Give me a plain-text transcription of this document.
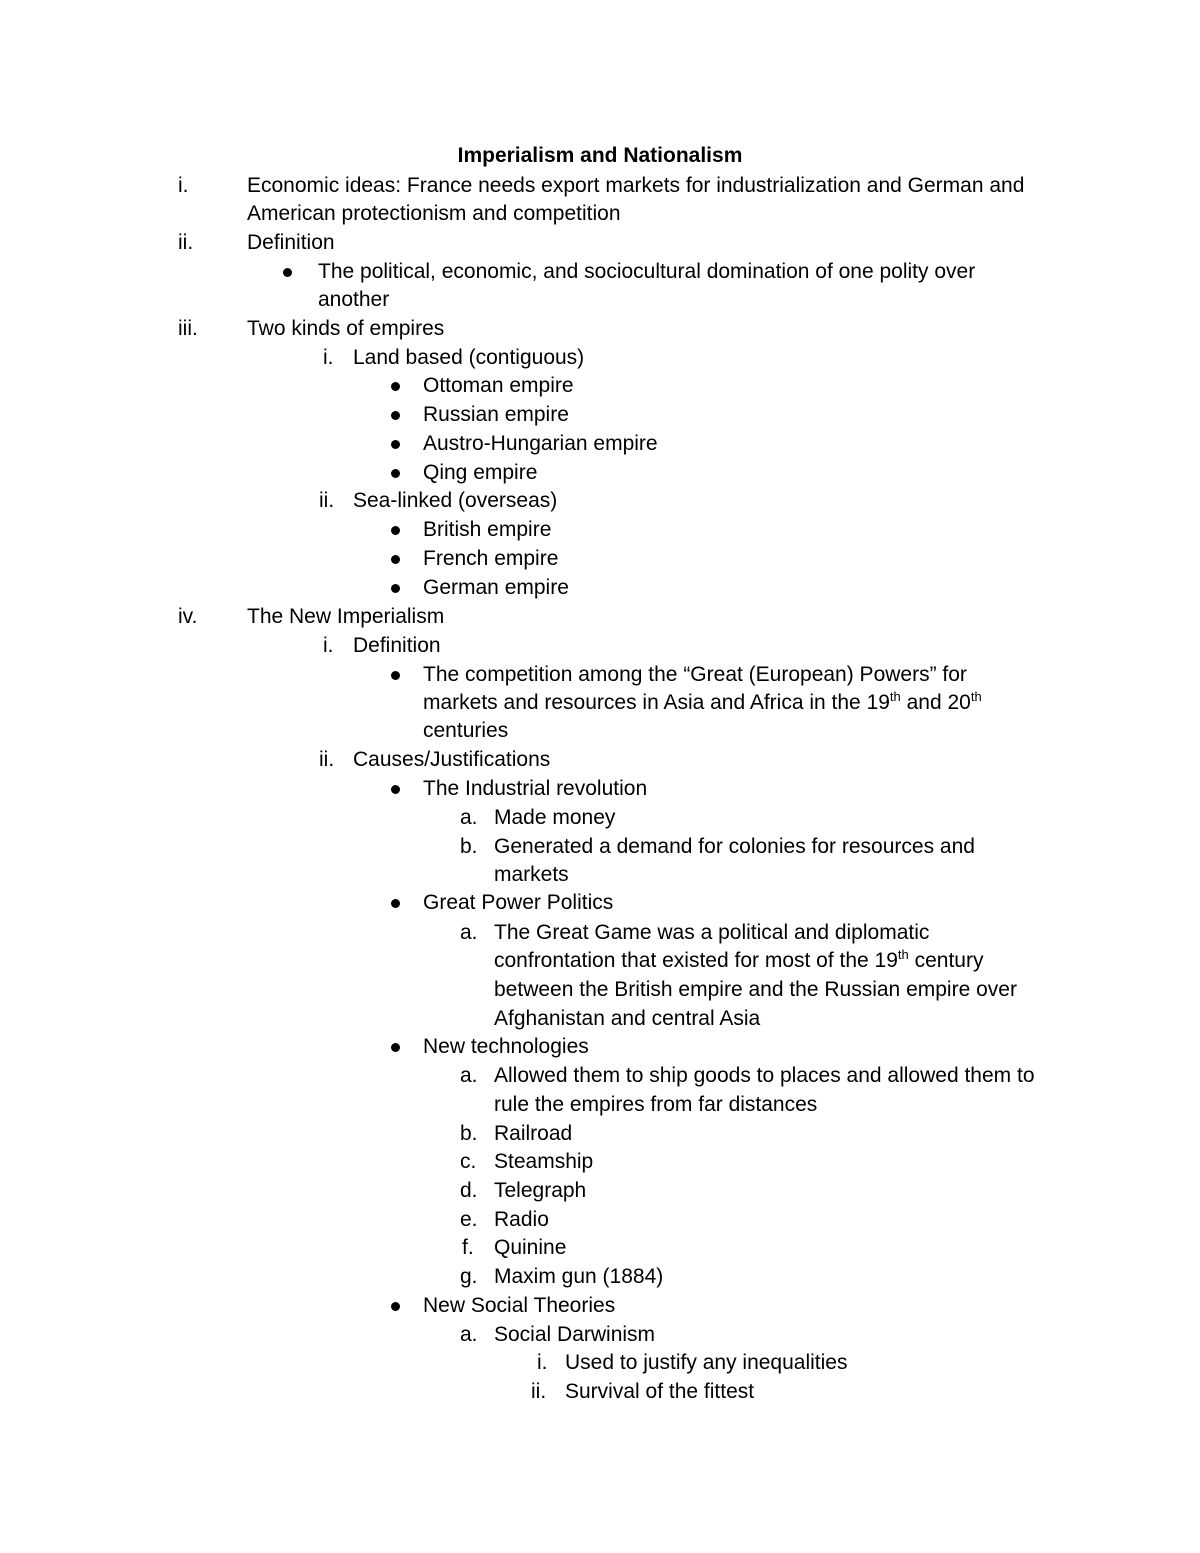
Imperialism and Nationalism
i.	Economic ideas: France needs export markets for industrialization and German and
American protectionism and competition
ii.	Definition
The political, economic, and sociocultural domination of one polity over
another
iii. Two kinds of empires
i. Land based (contiguous)
Ottoman empire
Russian empire
Austro-Hungarian empire
Qing empire
ii. Sea-linked (overseas)
British empire
French empire
German empire
iv. The New Imperialism
i. Definition
The competition among the “Great (European) Powers” for
markets and resources in Asia and Africa in the 19th and 20th
centuries
ii. Causes/Justifications
The Industrial revolution
a. Made money
b. Generated a demand for colonies for resources and
markets
Great Power Politics
a. The Great Game was a political and diplomatic
confrontation that existed for most of the 19th century
between the British empire and the Russian empire over
Afghanistan and central Asia
New technologies
a. Allowed them to ship goods to places and allowed them to
rule the empires from far distances
b. Railroad
c. Steamship
d. Telegraph
e. Radio
f. Quinine
g. Maxim gun (1884)
New Social Theories
a. Social Darwinism
i. Used to justify any inequalities
ii. Survival of the fittest
